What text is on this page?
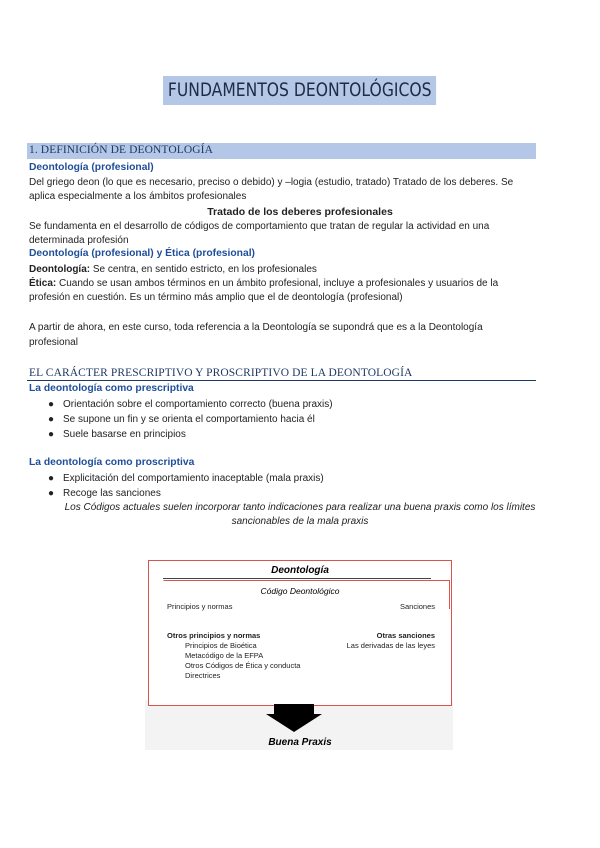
FUNDAMENTOS DEONTOLÓGICOS
1. DEFINICIÓN DE DEONTOLOGÍA
Deontología (profesional)
Del griego deon (lo que es necesario, preciso o debido) y –logia (estudio, tratado) Tratado de los deberes. Se
aplica especialmente a los ámbitos profesionales
Tratado de los deberes profesionales
Se fundamenta en el desarrollo de códigos de comportamiento que tratan de regular la actividad en una
determinada profesión
Deontología (profesional) y Ética (profesional)
Deontología: Se centra, en sentido estricto, en los profesionales
Ética: Cuando se usan ambos términos en un ámbito profesional, incluye a profesionales y usuarios de la
profesión en cuestión. Es un término más amplio que el de deontología (profesional)
A partir de ahora, en este curso, toda referencia a la Deontología se supondrá que es a la Deontología
profesional
EL CARÁCTER PRESCRIPTIVO Y PROSCRIPTIVO DE LA DEONTOLOGÍA
La deontología como prescriptiva
● Orientación sobre el comportamiento correcto (buena praxis)
● Se supone un fin y se orienta el comportamiento hacia él
● Suele basarse en principios
La deontología como proscriptiva
● Explicitación del comportamiento inaceptable (mala praxis)
● Recoge las sanciones
Los Códigos actuales suelen incorporar tanto indicaciones para realizar una buena praxis como los límites
sancionables de la mala praxis
Deontología
Código Deontológico
Principios y normas	Sanciones
Otros principios y normas	Otras sanciones
Principios de Bioética
Metacódigo de la EFPA
Otros Códigos de Ética y conducta
Directrices
Las derivadas de las leyes
Buena Praxis
